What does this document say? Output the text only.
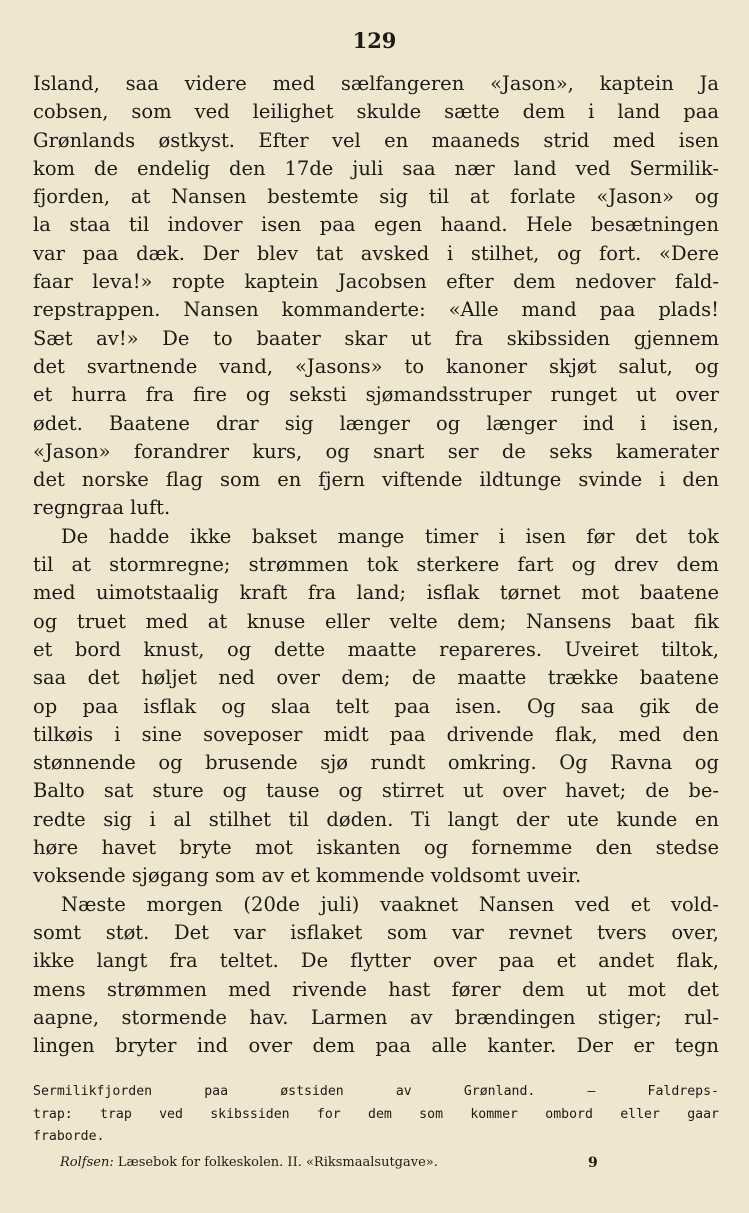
129
Island, saa videre med sælfangeren «Jason», kaptein Ja
cobsen, som ved leilighet skulde sætte dem i land paa
Grønlands østkyst. Efter vel en maaneds strid med isen
kom de endelig den 17de juli saa nær land ved Sermilik-
fjorden, at Nansen bestemte sig til at forlate «Jason» og
la staa til indover isen paa egen haand. Hele besætningen
var paa dæk. Der blev tat avsked i stilhet, og fort. «Dere
faar leva!» ropte kaptein Jacobsen efter dem nedover fald-
repstrappen. Nansen kommanderte: «Alle mand paa plads!
Sæt av!» De to baater skar ut fra skibssiden gjennem
det svartnende vand, «Jasons» to kanoner skjøt salut, og
et hurra fra fire og seksti sjømandsstruper runget ut over
ødet. Baatene drar sig længer og længer ind i isen,
«Jason» forandrer kurs, og snart ser de seks kamerater
det norske flag som en fjern viftende ildtunge svinde i den
regngraa luft.
De hadde ikke bakset mange timer i isen før det tok
til at stormregne; strømmen tok sterkere fart og drev dem
med uimotstaalig kraft fra land; isflak tørnet mot baatene
og truet med at knuse eller velte dem; Nansens baat fik
et bord knust, og dette maatte repareres. Uveiret tiltok,
saa det høljet ned over dem; de maatte trække baatene
op paa isflak og slaa telt paa isen. Og saa gik de
tilkøis i sine soveposer midt paa drivende flak, med den
stønnende og brusende sjø rundt omkring. Og Ravna og
Balto sat sture og tause og stirret ut over havet; de be-
redte sig i al stilhet til døden. Ti langt der ute kunde en
høre havet bryte mot iskanten og fornemme den stedse
voksende sjøgang som av et kommende voldsomt uveir.
Næste morgen (20de juli) vaaknet Nansen ved et vold-
somt støt. Det var isflaket som var revnet tvers over,
ikke langt fra teltet. De flytter over paa et andet flak,
mens strømmen med rivende hast fører dem ut mot det
aapne, stormende hav. Larmen av brændingen stiger; rul-
lingen bryter ind over dem paa alle kanter. Der er tegn
Sermilikfjorden paa østsiden av Grønland. — Faldreps-
trap: trap ved skibssiden for dem som kommer ombord eller gaar
fraborde.
Rolfsen: Læsebok for folkeskolen. II. «Riksmaalsutgave».	9
